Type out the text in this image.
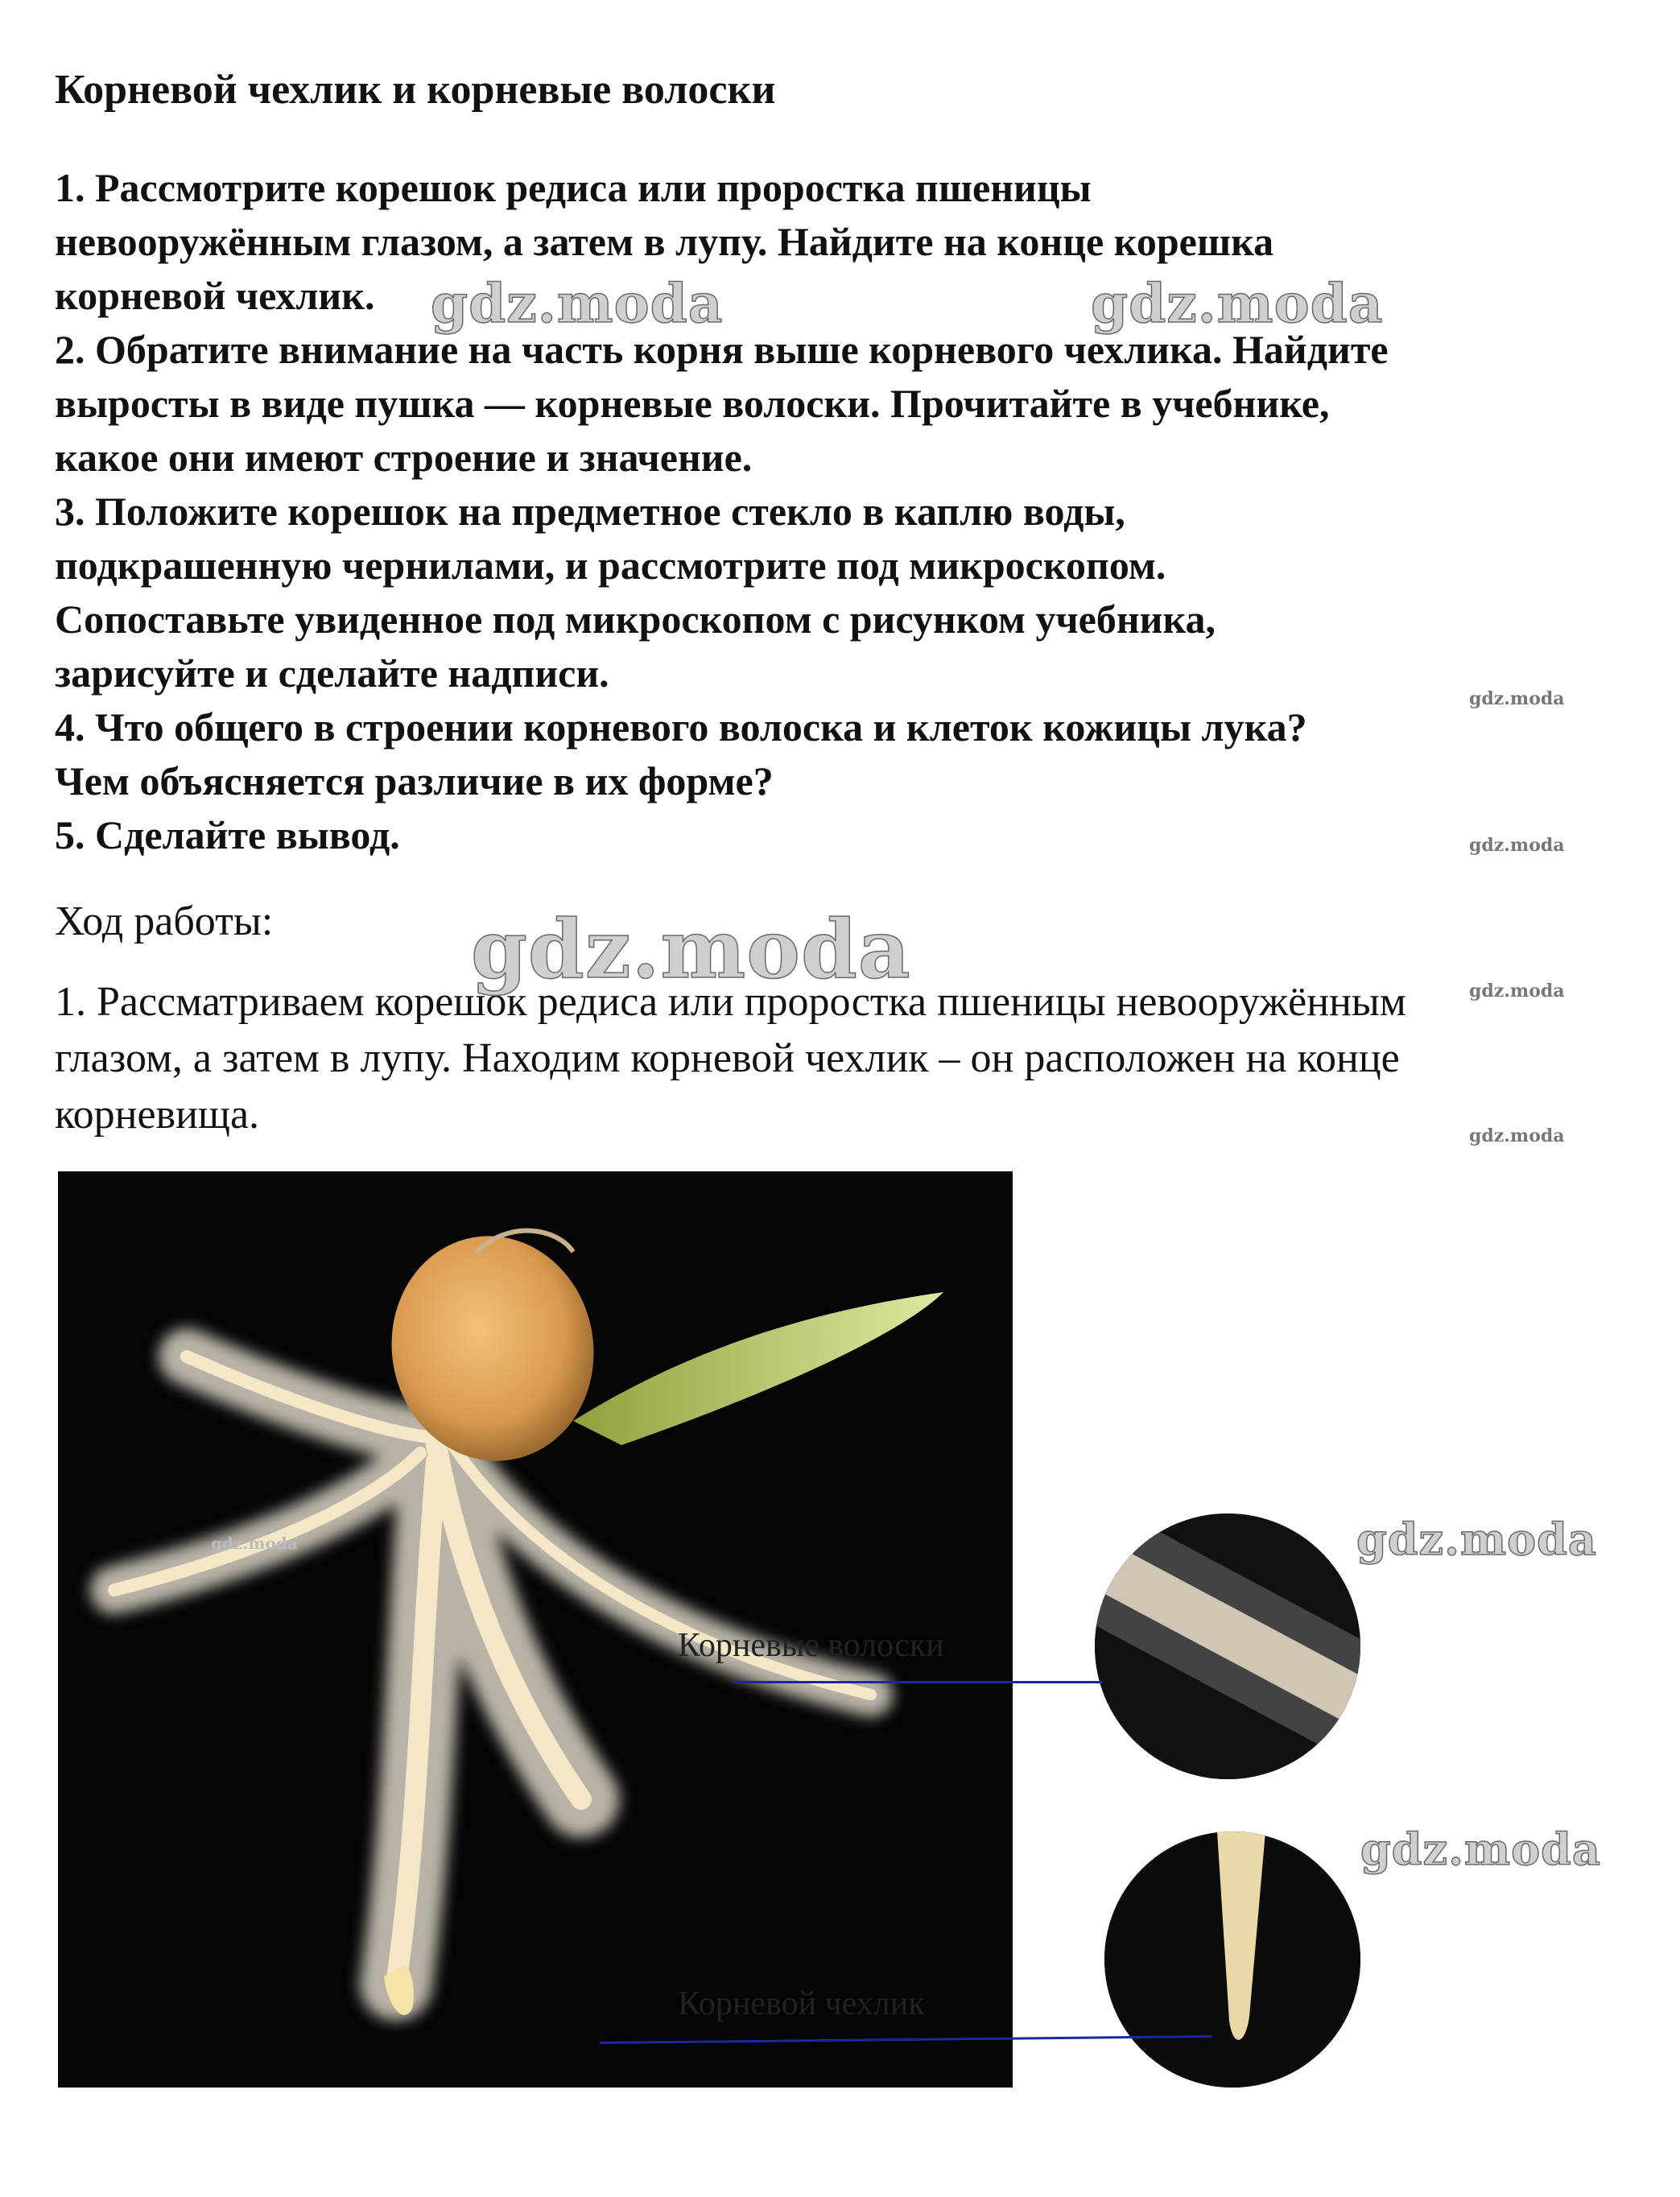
Корневой чехлик и корневые волоски
1. Рассмотрите корешок редиса или проростка пшеницы
невооружённым глазом, а затем в лупу. Найдите на конце корешка
корневой чехлик.
2. Обратите внимание на часть корня выше корневого чехлика. Найдите
выросты в виде пушка — корневые волоски. Прочитайте в учебнике,
какое они имеют строение и значение.
3. Положите корешок на предметное стекло в каплю воды,
подкрашенную чернилами, и рассмотрите под микроскопом.
Сопоставьте увиденное под микроскопом с рисунком учебника,
зарисуйте и сделайте надписи.
4. Что общего в строении корневого волоска и клеток кожицы лука?
Чем объясняется различие в их форме?
5. Сделайте вывод.
Ход работы:
1. Рассматриваем корешок редиса или проростка пшеницы невооружённым
глазом, а затем в лупу. Находим корневой чехлик – он расположен на конце
корневища.
gdz.moda	gdz.moda
gdz.moda
gdz.moda
gdz.moda
gdz.moda
gdz.moda
gdz.moda	gdz.moda
gdz.moda
Корневые волоски
Корневой чехлик
